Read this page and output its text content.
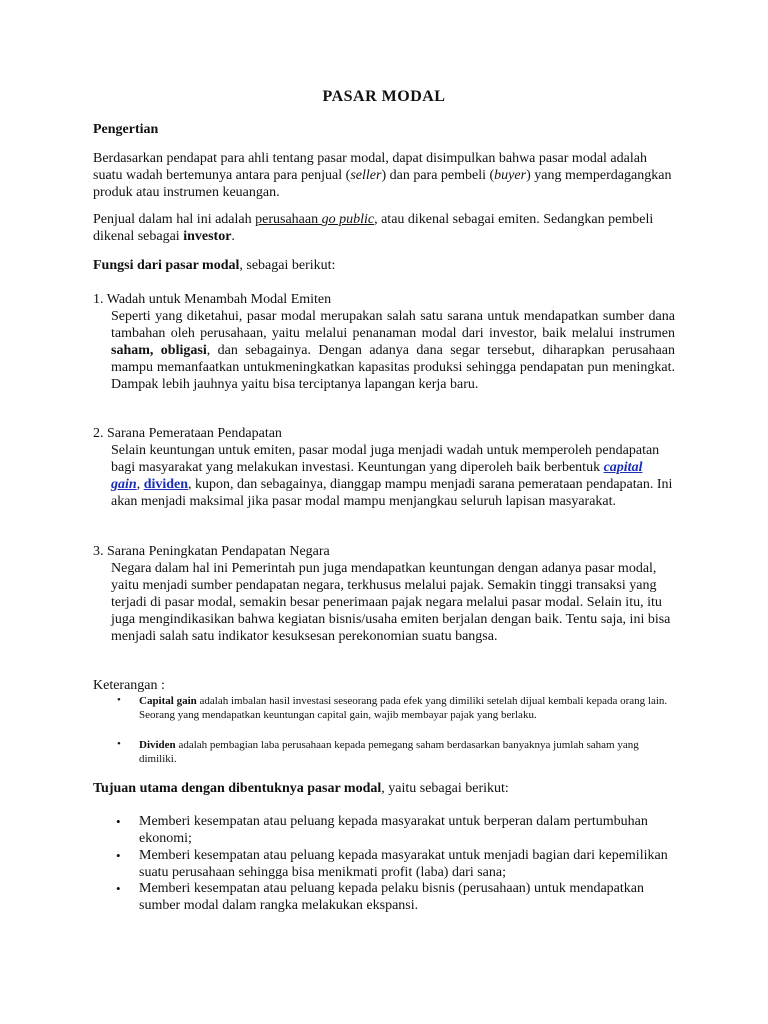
PASAR MODAL
Pengertian
Berdasarkan pendapat para ahli tentang pasar modal, dapat disimpulkan bahwa pasar modal adalah suatu wadah bertemunya antara para penjual (seller) dan para pembeli (buyer) yang memperdagangkan produk atau instrumen keuangan.
Penjual dalam hal ini adalah perusahaan go public, atau dikenal sebagai emiten. Sedangkan pembeli dikenal sebagai investor.
Fungsi dari pasar modal, sebagai berikut:
1. Wadah untuk Menambah Modal Emiten
Seperti yang diketahui, pasar modal merupakan salah satu sarana untuk mendapatkan sumber dana tambahan oleh perusahaan, yaitu melalui penanaman modal dari investor, baik melalui instrumen saham, obligasi, dan sebagainya. Dengan adanya dana segar tersebut, diharapkan perusahaan mampu memanfaatkan untukmeningkatkan kapasitas produksi sehingga pendapatan pun meningkat. Dampak lebih jauhnya yaitu bisa terciptanya lapangan kerja baru.
2. Sarana Pemerataan Pendapatan
Selain keuntungan untuk emiten, pasar modal juga menjadi wadah untuk memperoleh pendapatan bagi masyarakat yang melakukan investasi. Keuntungan yang diperoleh baik berbentuk capital gain, dividen, kupon, dan sebagainya, dianggap mampu menjadi sarana pemerataan pendapatan. Ini akan menjadi maksimal jika pasar modal mampu menjangkau seluruh lapisan masyarakat.
3. Sarana Peningkatan Pendapatan Negara
Negara dalam hal ini Pemerintah pun juga mendapatkan keuntungan dengan adanya pasar modal, yaitu menjadi sumber pendapatan negara, terkhusus melalui pajak. Semakin tinggi transaksi yang terjadi di pasar modal, semakin besar penerimaan pajak negara melalui pasar modal. Selain itu, itu juga mengindikasikan bahwa kegiatan bisnis/usaha emiten berjalan dengan baik. Tentu saja, ini bisa menjadi salah satu indikator kesuksesan perekonomian suatu bangsa.
Keterangan :
• Capital gain adalah imbalan hasil investasi seseorang pada efek yang dimiliki setelah dijual kembali kepada orang lain. Seorang yang mendapatkan keuntungan capital gain, wajib membayar pajak yang berlaku.
• Dividen adalah pembagian laba perusahaan kepada pemegang saham berdasarkan banyaknya jumlah saham yang dimiliki.
Tujuan utama dengan dibentuknya pasar modal, yaitu sebagai berikut:
• Memberi kesempatan atau peluang kepada masyarakat untuk berperan dalam pertumbuhan ekonomi;
• Memberi kesempatan atau peluang kepada masyarakat untuk menjadi bagian dari kepemilikan suatu perusahaan sehingga bisa menikmati profit (laba) dari sana;
• Memberi kesempatan atau peluang kepada pelaku bisnis (perusahaan) untuk mendapatkan sumber modal dalam rangka melakukan ekspansi.
